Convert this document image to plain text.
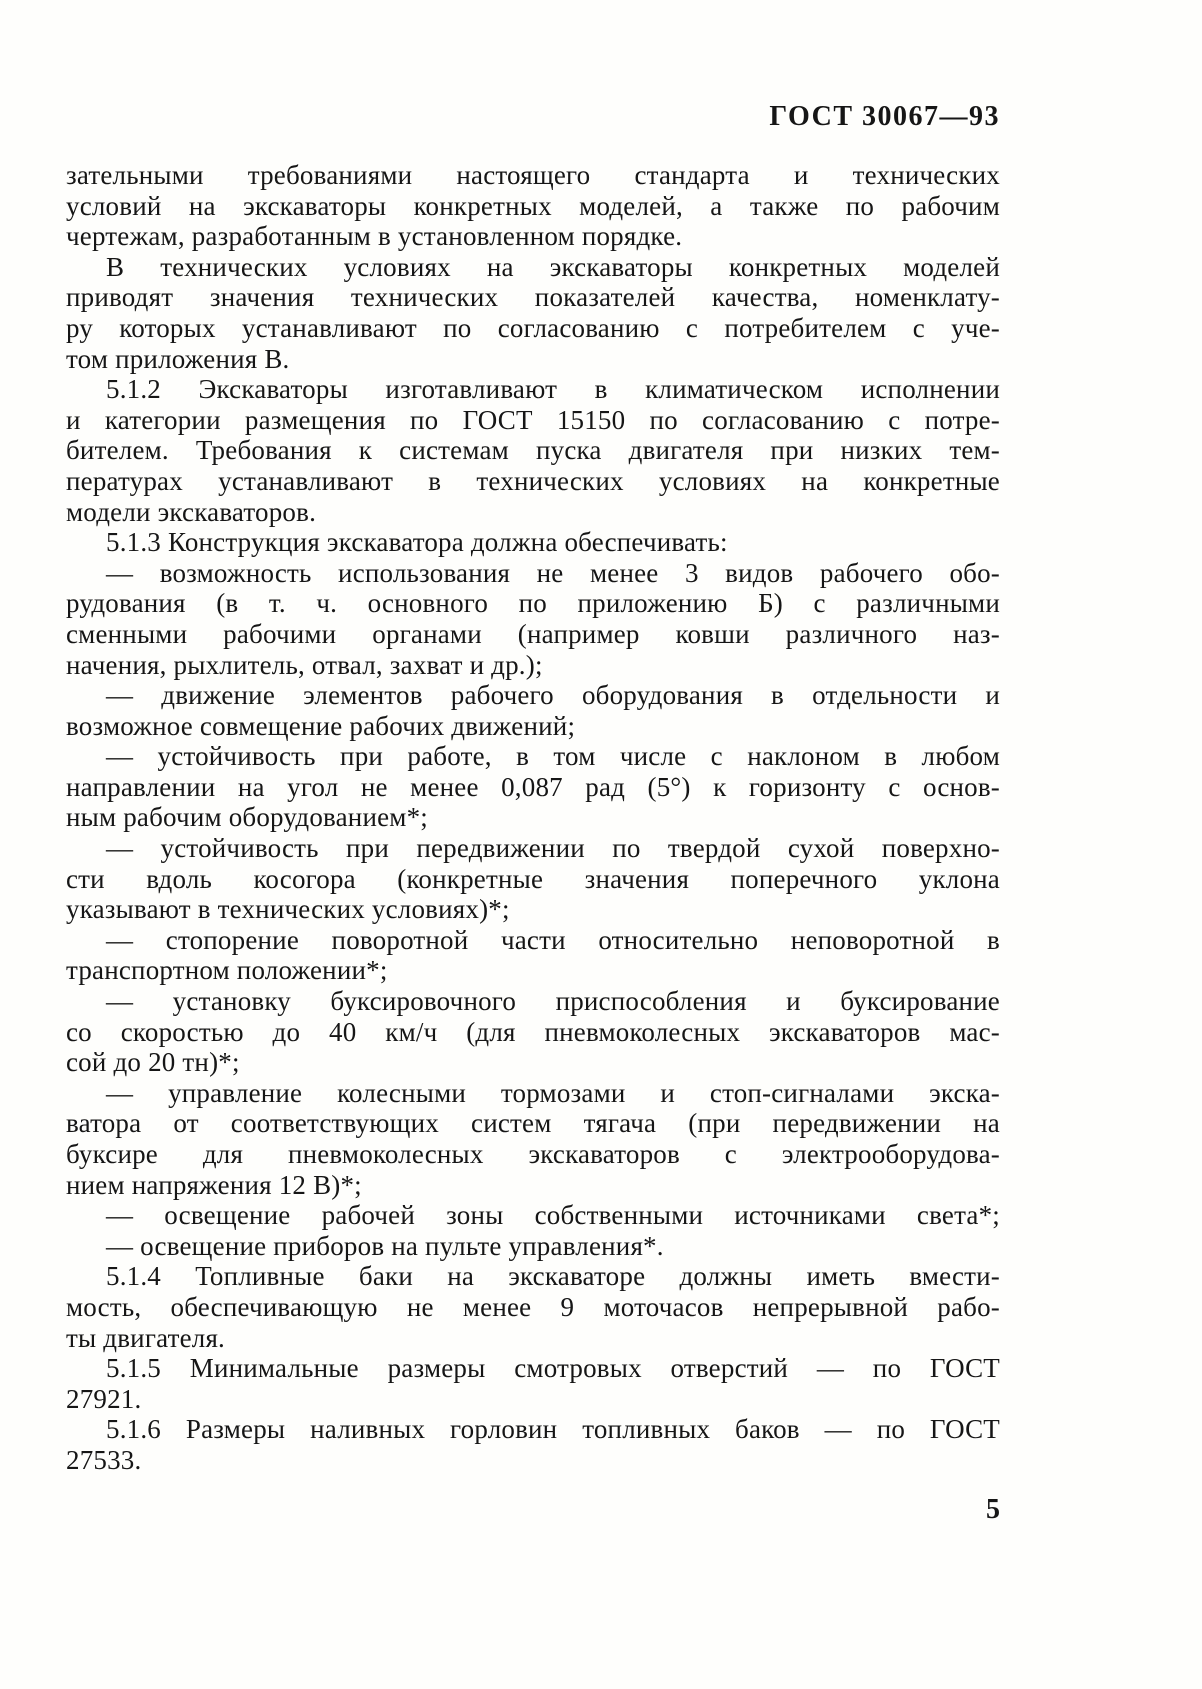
ГОСТ 30067—93
зательными требованиями настоящего стандарта и технических
условий на экскаваторы конкретных моделей, а также по рабочим
чертежам, разработанным в установленном порядке.
В технических условиях на экскаваторы конкретных моделей
приводят значения технических показателей качества, номенклату-
ру которых устанавливают по согласованию с потребителем с уче-
том приложения В.
5.1.2 Экскаваторы изготавливают в климатическом исполнении
и категории размещения по ГОСТ 15150 по согласованию с потре-
бителем. Требования к системам пуска двигателя при низких тем-
пературах устанавливают в технических условиях на конкретные
модели экскаваторов.
5.1.3 Конструкция экскаватора должна обеспечивать:
— возможность использования не менее 3 видов рабочего обо-
рудования (в т. ч. основного по приложению Б) с различными
сменными рабочими органами (например ковши различного наз-
начения, рыхлитель, отвал, захват и др.);
— движение элементов рабочего оборудования в отдельности и
возможное совмещение рабочих движений;
— устойчивость при работе, в том числе с наклоном в любом
направлении на угол не менее 0,087 рад (5°) к горизонту с основ-
ным рабочим оборудованием*;
— устойчивость при передвижении по твердой сухой поверхно-
сти вдоль косогора (конкретные значения поперечного уклона
указывают в технических условиях)*;
— стопорение поворотной части относительно неповоротной в
транспортном положении*;
— установку буксировочного приспособления и буксирование
со скоростью до 40 км/ч (для пневмоколесных экскаваторов мас-
сой до 20 тн)*;
— управление колесными тормозами и стоп-сигналами экска-
ватора от соответствующих систем тягача (при передвижении на
буксире для пневмоколесных экскаваторов с электрооборудова-
нием напряжения 12 В)*;
— освещение рабочей зоны собственными источниками света*;
— освещение приборов на пульте управления*.
5.1.4 Топливные баки на экскаваторе должны иметь вмести-
мость, обеспечивающую не менее 9 моточасов непрерывной рабо-
ты двигателя.
5.1.5 Минимальные размеры смотровых отверстий — по ГОСТ
27921.
5.1.6 Размеры наливных горловин топливных баков — по ГОСТ
27533.
5
